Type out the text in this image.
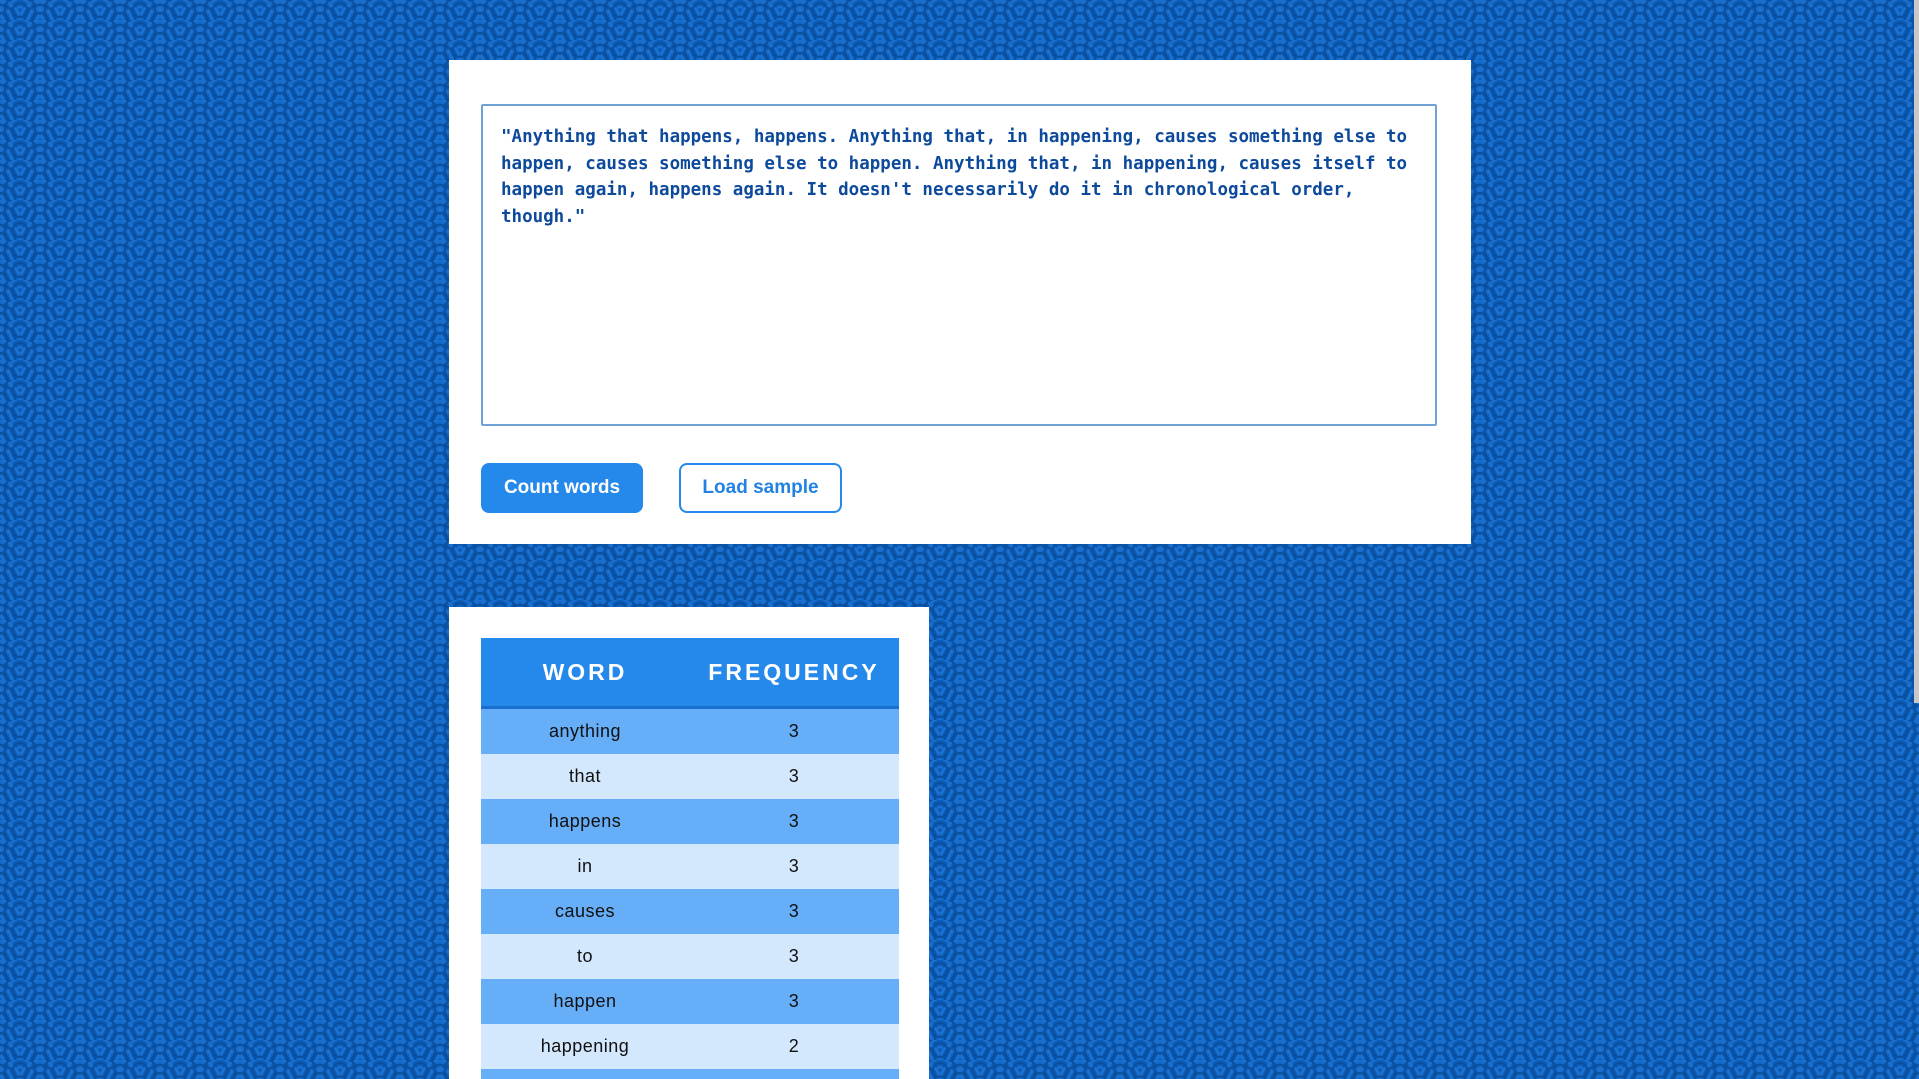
"Anything that happens, happens. Anything that, in happening, causes something else to happen, causes something else to happen. Anything that, in happening, causes itself to happen again, happens again. It doesn't necessarily do it in chronological order, though."
Count words	Load sample
WORD	FREQUENCY
anything	3
that	3
happens	3
in	3
causes	3
to	3
happen	3
happening	2
